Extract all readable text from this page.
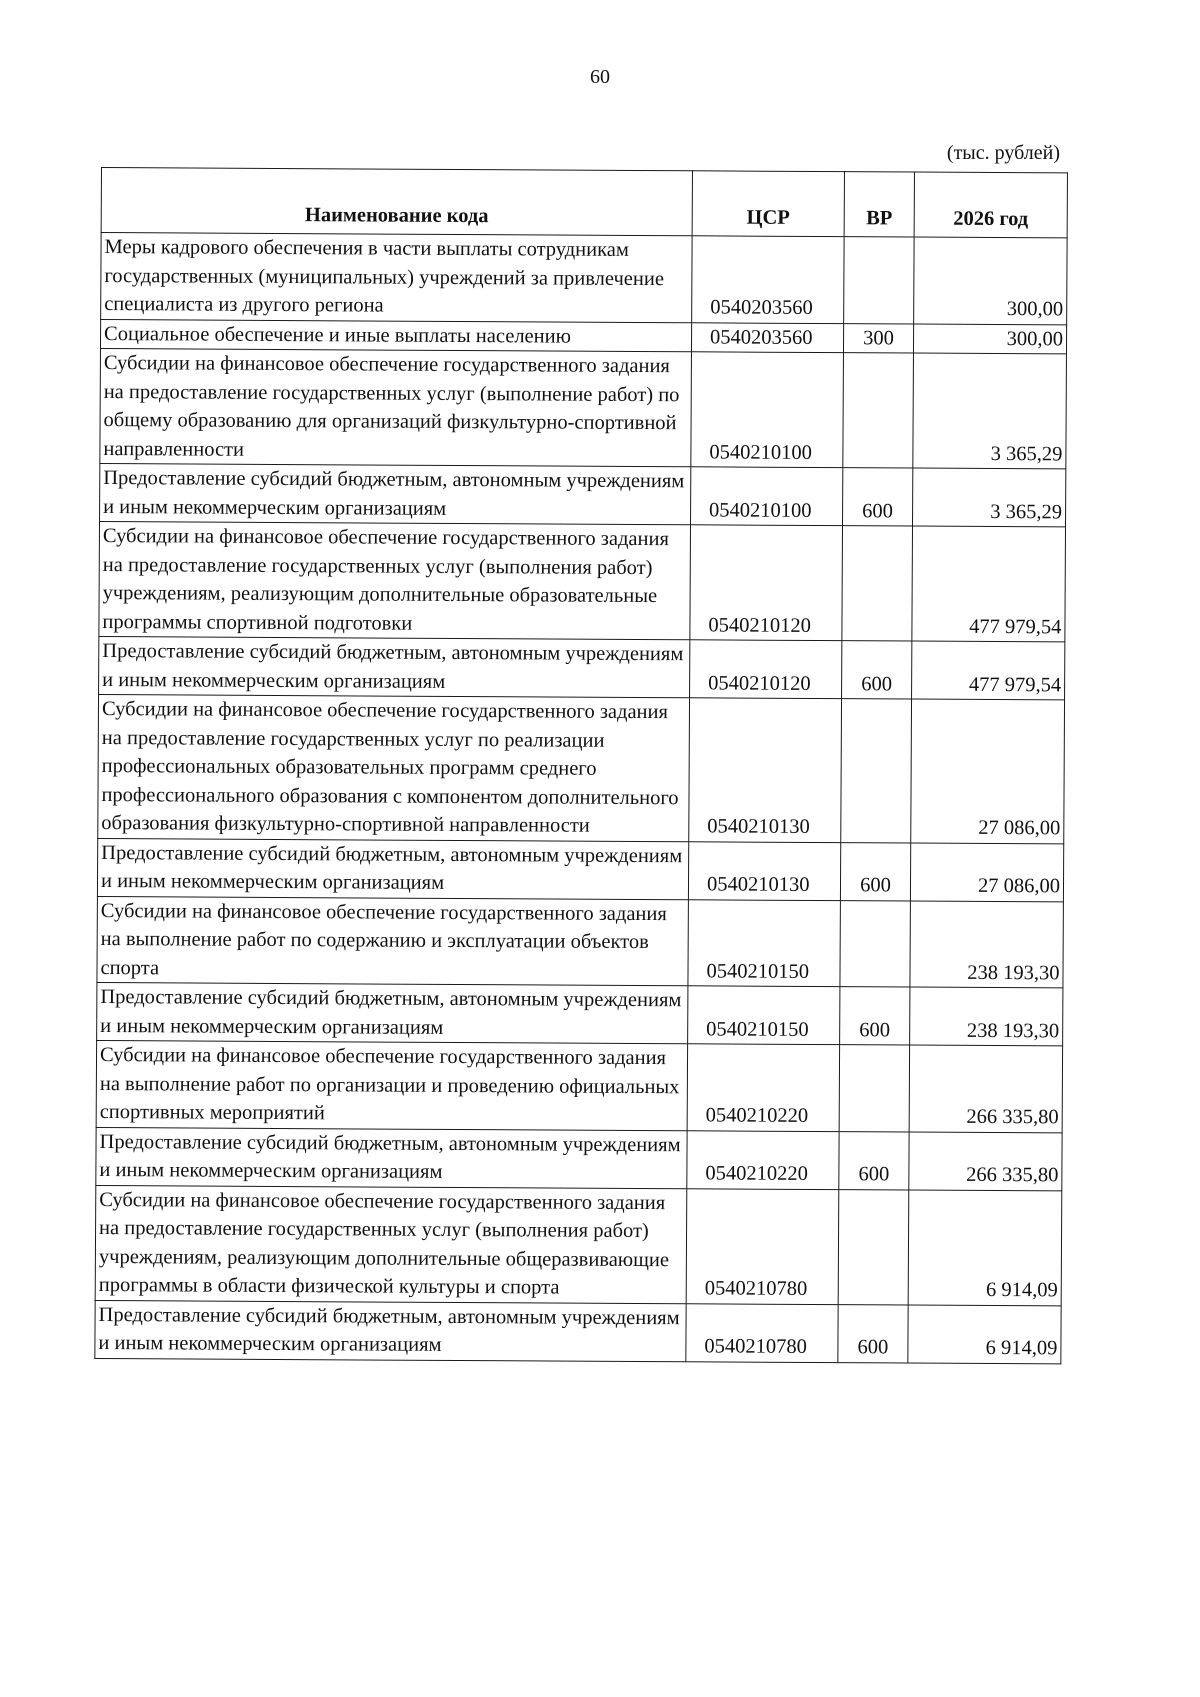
60
(тыс. рублей)
Наименование кода	ЦСР	ВР	2026 год
Меры кадрового обеспечения в части выплаты сотрудникам государственных (муниципальных) учреждений за привлечение специалиста из другого региона	0540203560		300,00
Социальное обеспечение и иные выплаты населению	0540203560	300	300,00
Субсидии на финансовое обеспечение государственного задания на предоставление государственных услуг (выполнение работ) по общему образованию для организаций физкультурно-спортивной направленности	0540210100		3 365,29
Предоставление субсидий бюджетным, автономным учреждениям и иным некоммерческим организациям	0540210100	600	3 365,29
Субсидии на финансовое обеспечение государственного задания на предоставление государственных услуг (выполнения работ) учреждениям, реализующим дополнительные образовательные программы спортивной подготовки	0540210120		477 979,54
Предоставление субсидий бюджетным, автономным учреждениям и иным некоммерческим организациям	0540210120	600	477 979,54
Субсидии на финансовое обеспечение государственного задания на предоставление государственных услуг по реализации профессиональных образовательных программ среднего профессионального образования с компонентом дополнительного образования физкультурно-спортивной направленности	0540210130		27 086,00
Предоставление субсидий бюджетным, автономным учреждениям и иным некоммерческим организациям	0540210130	600	27 086,00
Субсидии на финансовое обеспечение государственного задания на выполнение работ по содержанию и эксплуатации объектов спорта	0540210150		238 193,30
Предоставление субсидий бюджетным, автономным учреждениям и иным некоммерческим организациям	0540210150	600	238 193,30
Субсидии на финансовое обеспечение государственного задания на выполнение работ по организации и проведению официальных спортивных мероприятий	0540210220		266 335,80
Предоставление субсидий бюджетным, автономным учреждениям и иным некоммерческим организациям	0540210220	600	266 335,80
Субсидии на финансовое обеспечение государственного задания на предоставление государственных услуг (выполнения работ) учреждениям, реализующим дополнительные общеразвивающие программы в области физической культуры и спорта	0540210780		6 914,09
Предоставление субсидий бюджетным, автономным учреждениям и иным некоммерческим организациям	0540210780	600	6 914,09
